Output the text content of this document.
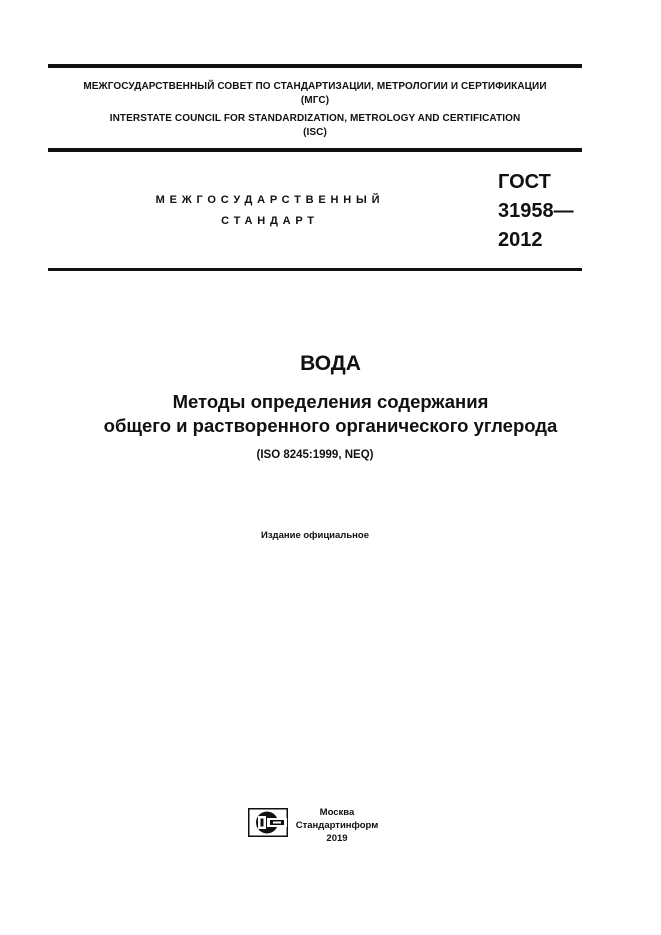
МЕЖГОСУДАРСТВЕННЫЙ СОВЕТ ПО СТАНДАРТИЗАЦИИ, МЕТРОЛОГИИ И СЕРТИФИКАЦИИ
(МГС)
INTERSTATE COUNCIL FOR STANDARDIZATION, METROLOGY AND CERTIFICATION
(ISC)
МЕЖГОСУДАРСТВЕННЫЙ
СТАНДАРТ
ГОСТ
31958—
2012
ВОДА
Методы определения содержания
общего и растворенного органического углерода
(ISO 8245:1999, NEQ)
Издание официальное
Москва
Стандартинформ
2019
